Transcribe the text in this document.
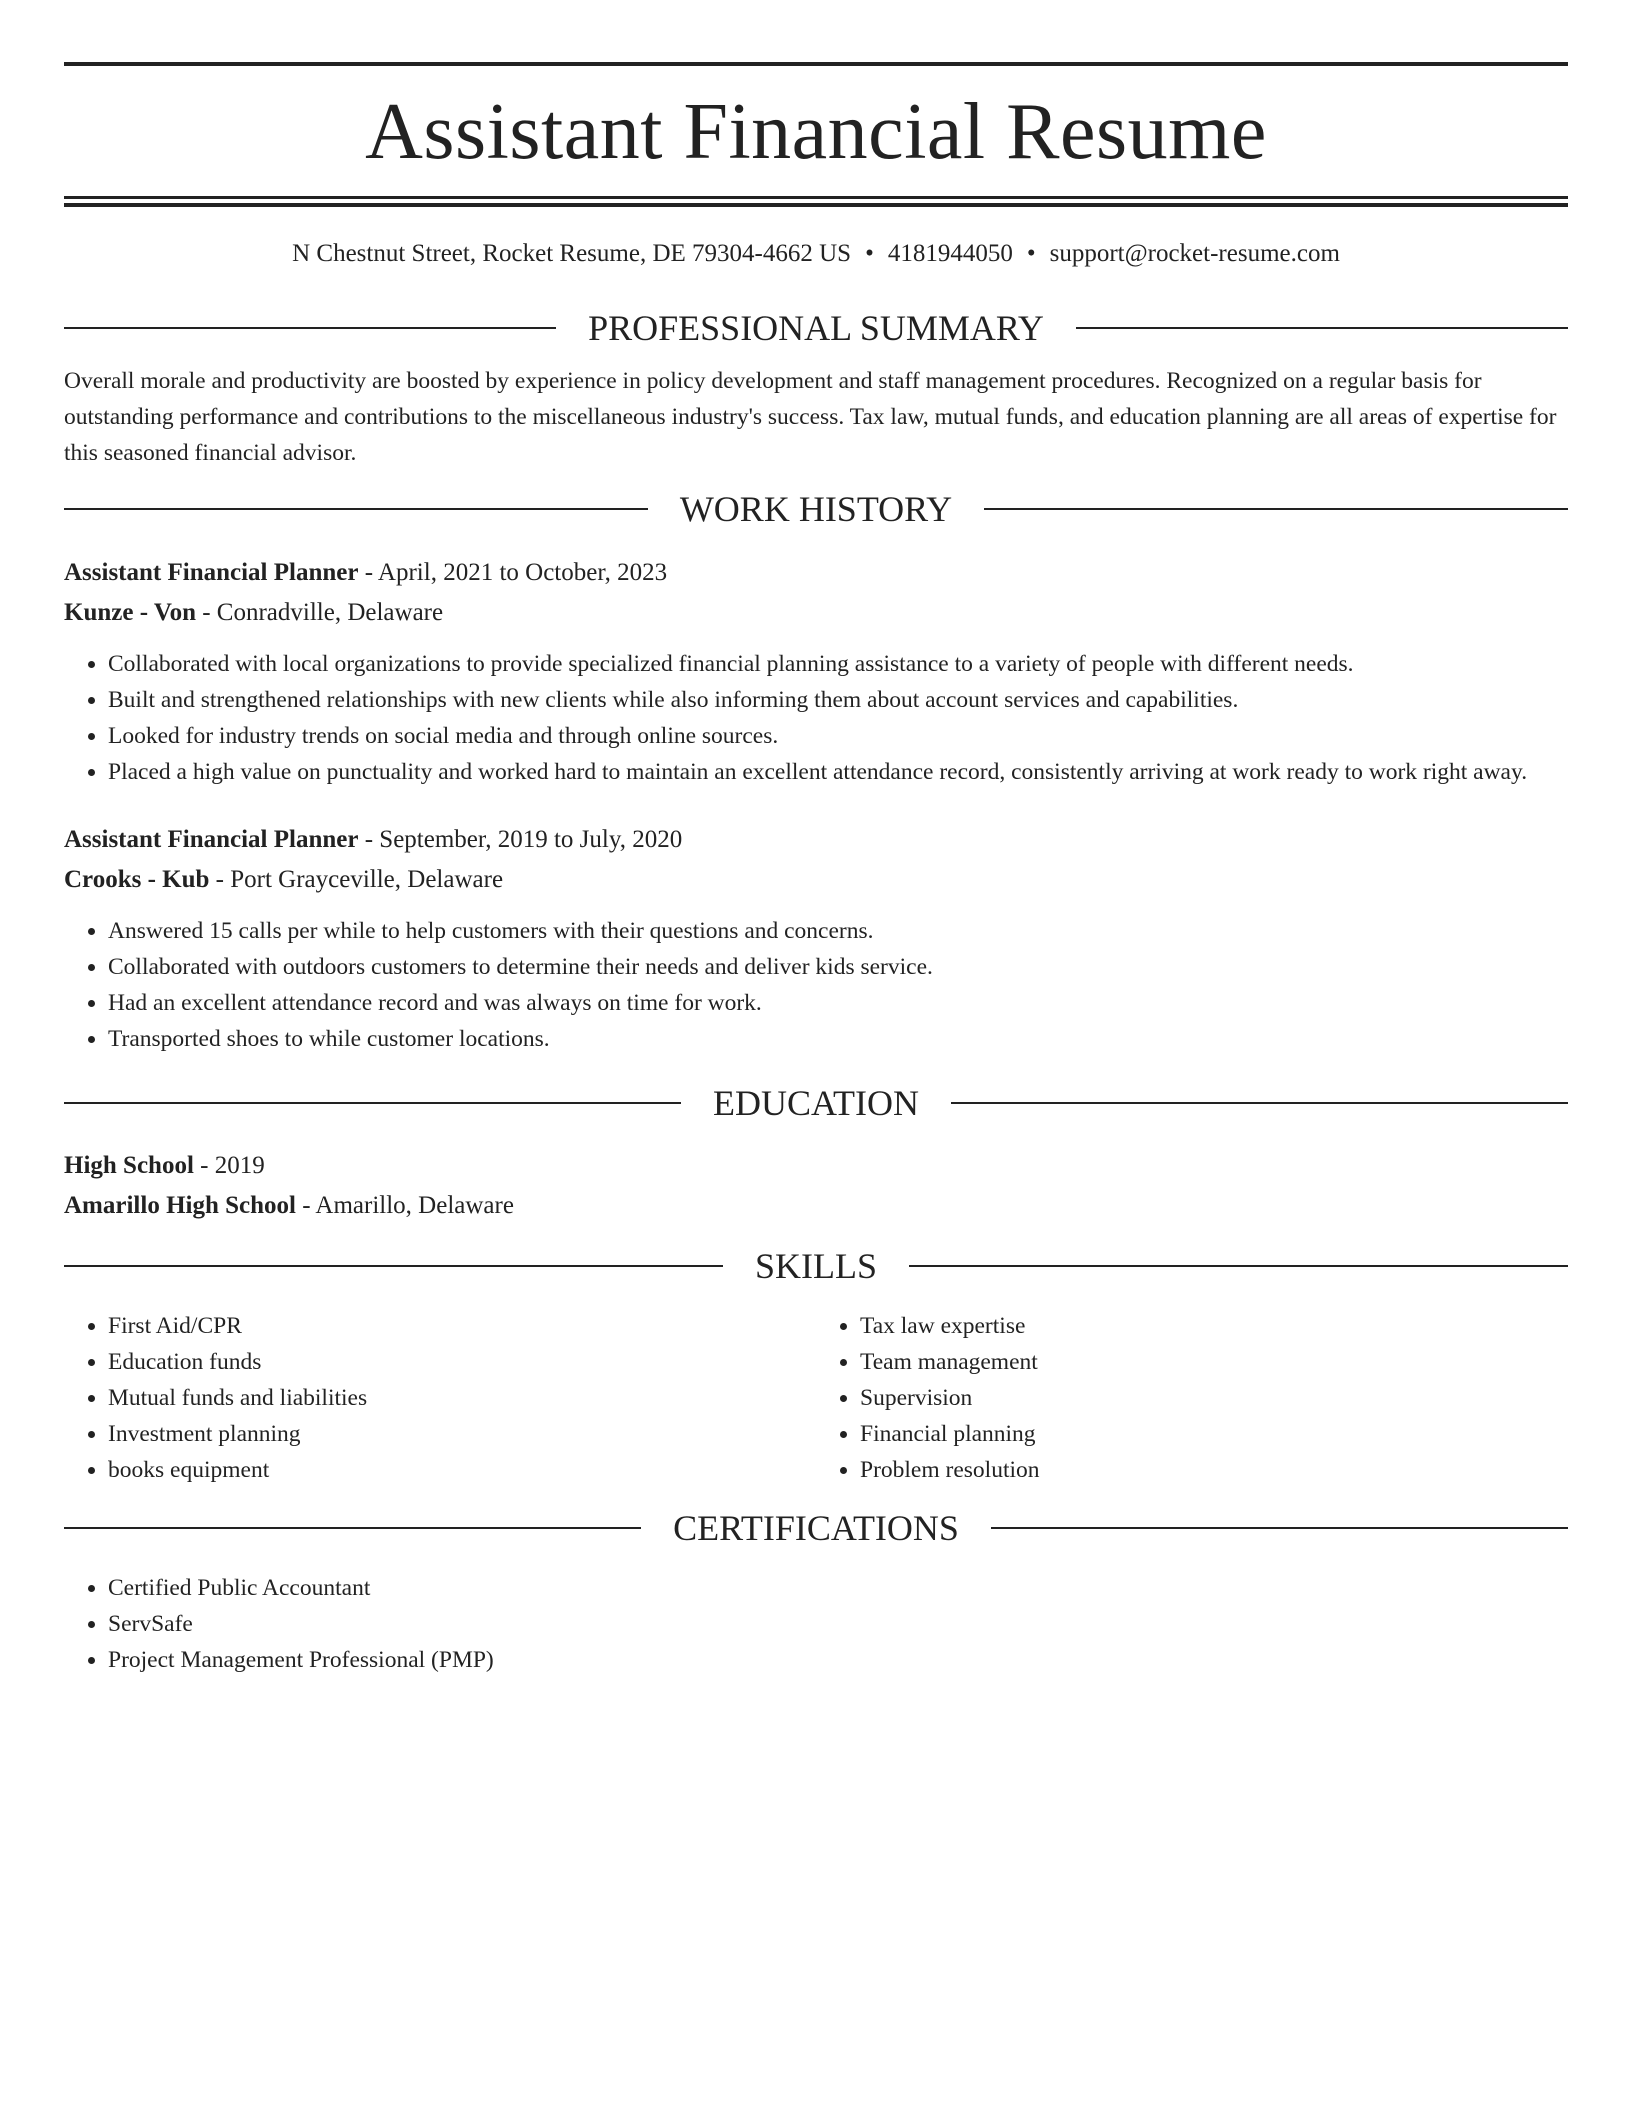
Assistant Financial Resume
N Chestnut Street, Rocket Resume, DE 79304-4662 US • 4181944050 • support@rocket-resume.com
PROFESSIONAL SUMMARY

Overall morale and productivity are boosted by experience in policy development and staff management procedures. Recognized on a regular basis for outstanding performance and contributions to the miscellaneous industry's success. Tax law, mutual funds, and education planning are all areas of expertise for this seasoned financial advisor.

WORK HISTORY
Assistant Financial Planner - April, 2021 to October, 2023
Kunze - Von - Conradville, Delaware
• Collaborated with local organizations to provide specialized financial planning assistance to a variety of people with different needs.
• Built and strengthened relationships with new clients while also informing them about account services and capabilities.
• Looked for industry trends on social media and through online sources.
• Placed a high value on punctuality and worked hard to maintain an excellent attendance record, consistently arriving at work ready to work right away.
Assistant Financial Planner - September, 2019 to July, 2020
Crooks - Kub - Port Grayceville, Delaware
• Answered 15 calls per while to help customers with their questions and concerns.
• Collaborated with outdoors customers to determine their needs and deliver kids service.
• Had an excellent attendance record and was always on time for work.
• Transported shoes to while customer locations.
EDUCATION
High School - 2019
Amarillo High School - Amarillo, Delaware
SKILLS
• First Aid/CPR
• Education funds
• Mutual funds and liabilities
• Investment planning
• books equipment
• Tax law expertise
• Team management
• Supervision
• Financial planning
• Problem resolution
CERTIFICATIONS
• Certified Public Accountant
• ServSafe
• Project Management Professional (PMP)
